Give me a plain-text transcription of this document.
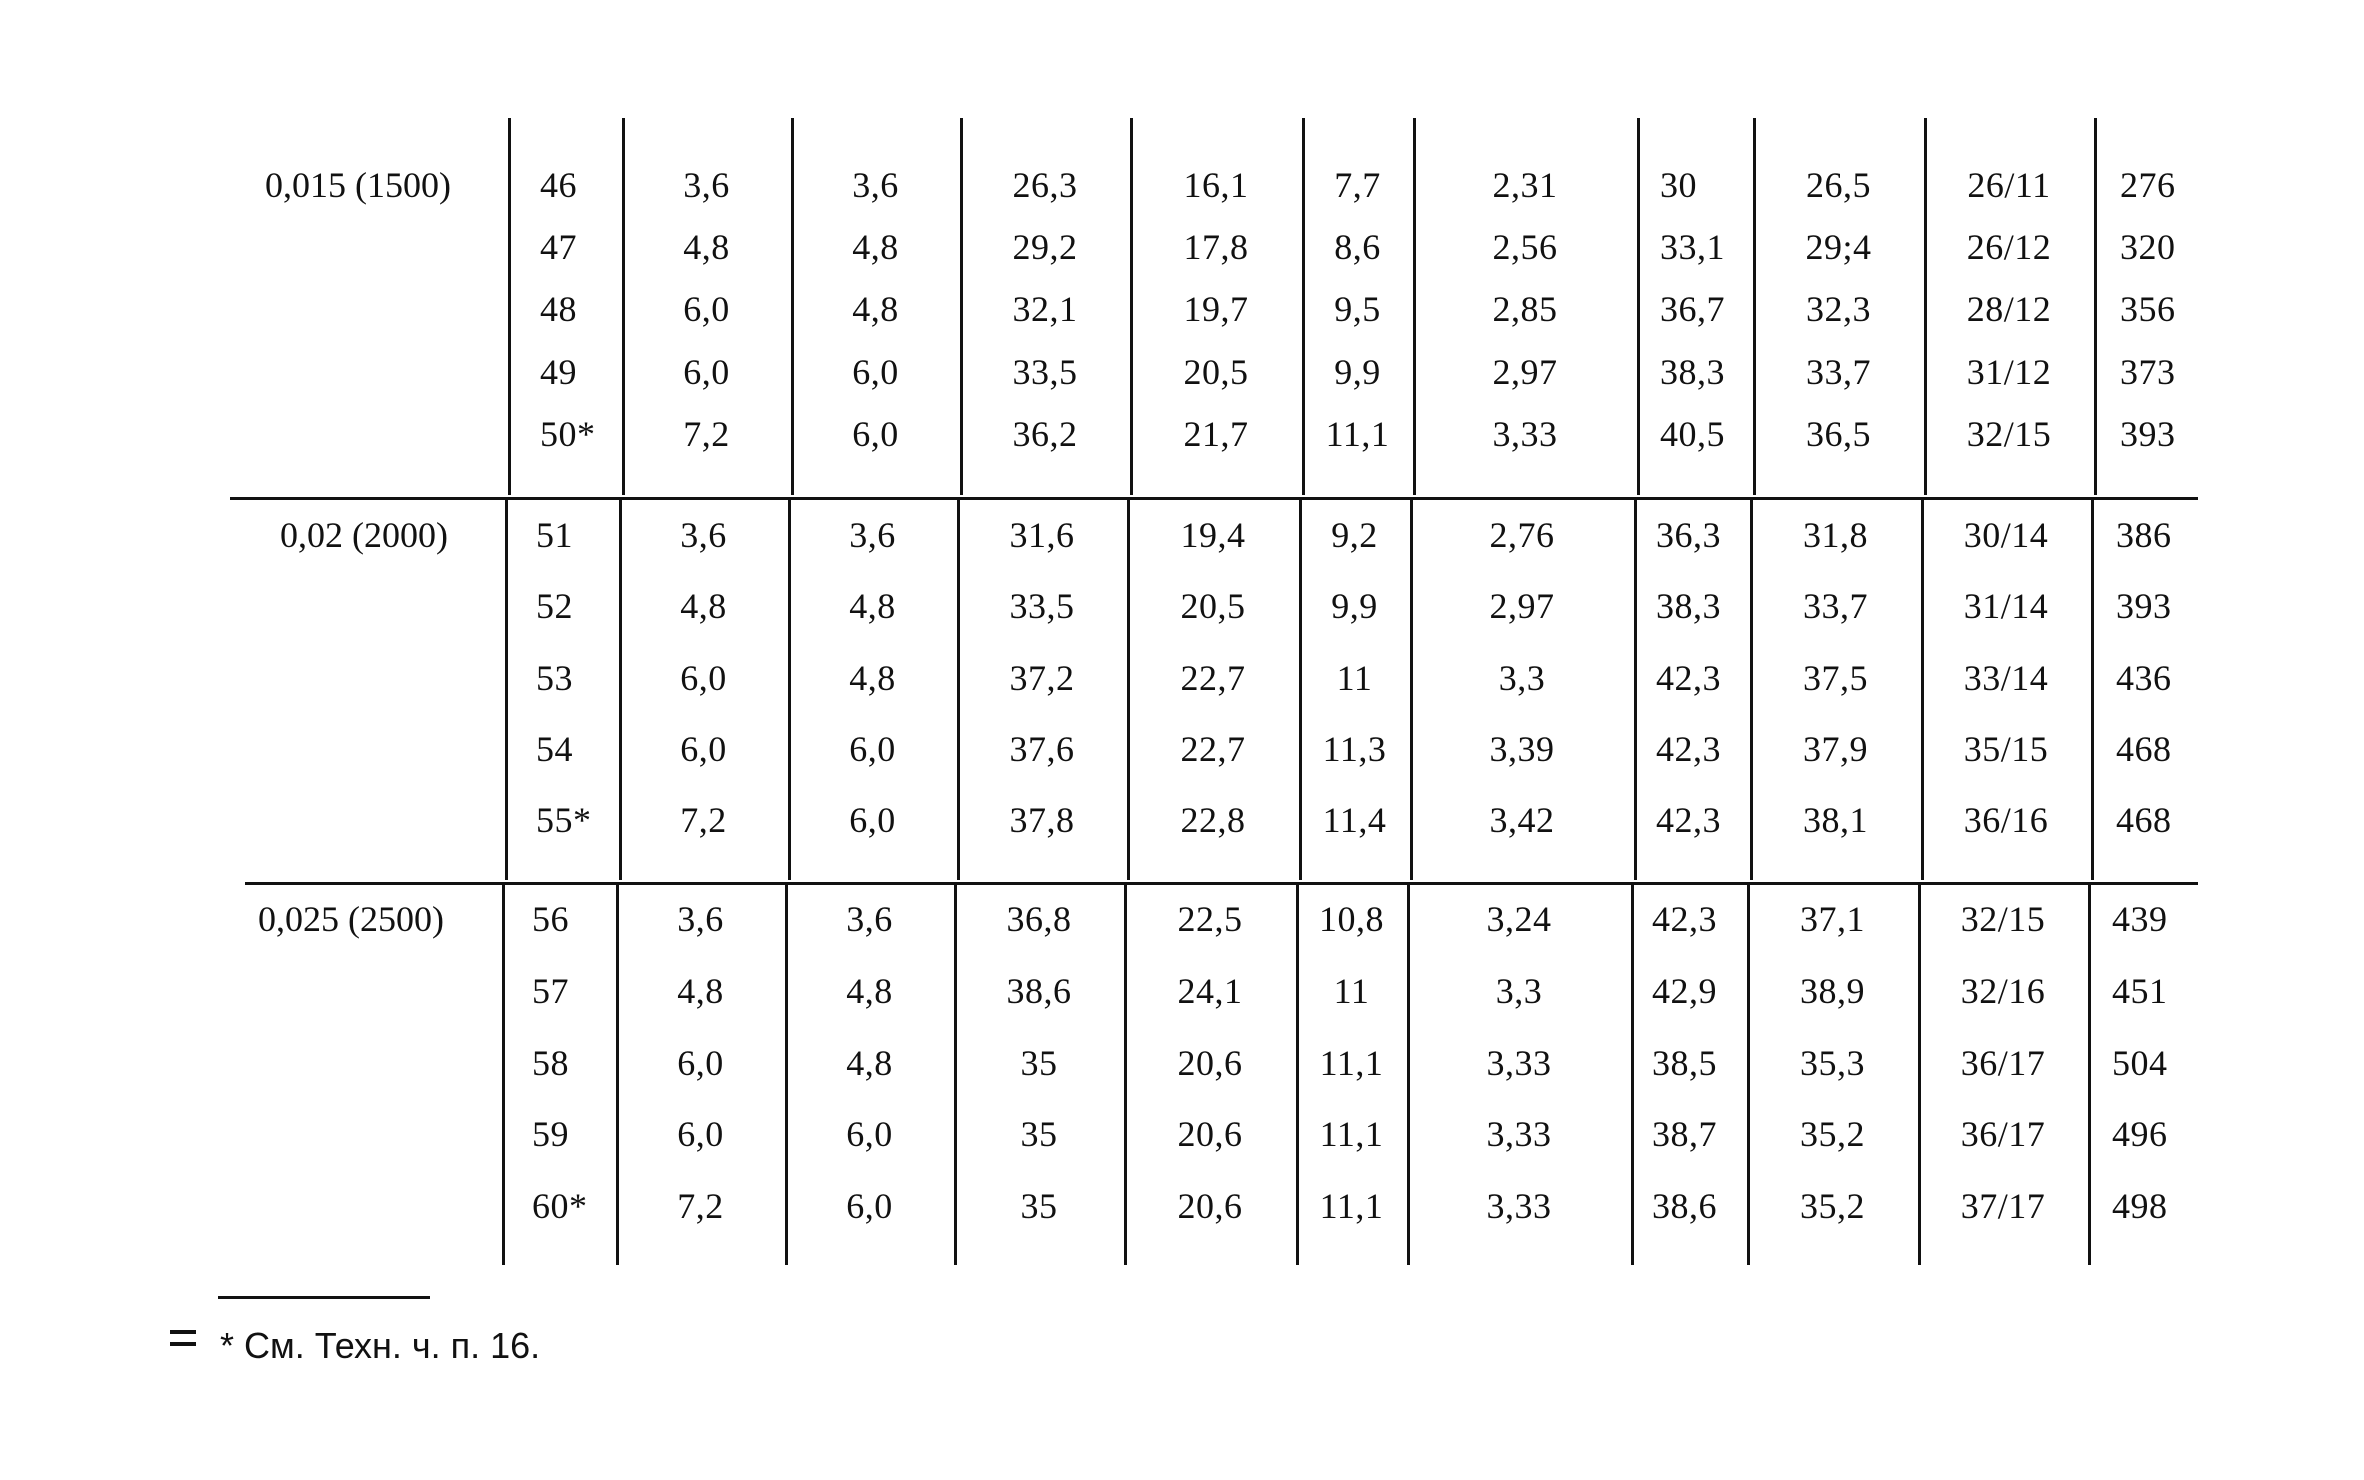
0,015 (1500) 46	3,6	3,6	26,3	16,1	7,7	2,31	30	26,5	26/11	276
47	4,8	4,8	29,2	17,8	8,6	2,56	33,1	29;4	26/12	320
48	6,0	4,8	32,1	19,7	9,5	2,85	36,7	32,3	28/12	356
49	6,0	6,0	33,5	20,5	9,9	2,97	38,3	33,7	31/12	373
50*	7,2	6,0	36,2	21,7	11,1	3,33	40,5	36,5	32/15	393
0,02 (2000) 51	3,6	3,6	31,6	19,4	9,2	2,76	36,3	31,8	30/14	386
52	4,8	4,8	33,5	20,5	9,9	2,97	38,3	33,7	31/14	393
53	6,0	4,8	37,2	22,7	11	3,3	42,3	37,5	33/14	436
54	6,0	6,0	37,6	22,7	11,3	3,39	42,3	37,9	35/15	468
55*	7,2	6,0	37,8	22,8	11,4	3,42	42,3	38,1	36/16	468
0,025 (2500) 56	3,6	3,6	36,8	22,5	10,8	3,24	42,3	37,1	32/15	439
57	4,8	4,8	38,6	24,1	11	3,3	42,9	38,9	32/16	451
58	6,0	4,8	35	20,6	11,1	3,33	38,5	35,3	36/17	504
59	6,0	6,0	35	20,6	11,1	3,33	38,7	35,2	36/17	496
60*	7,2	6,0	35	20,6	11,1	3,33	38,6	35,2	37/17	498
* См. Техн. ч. п. 16.
